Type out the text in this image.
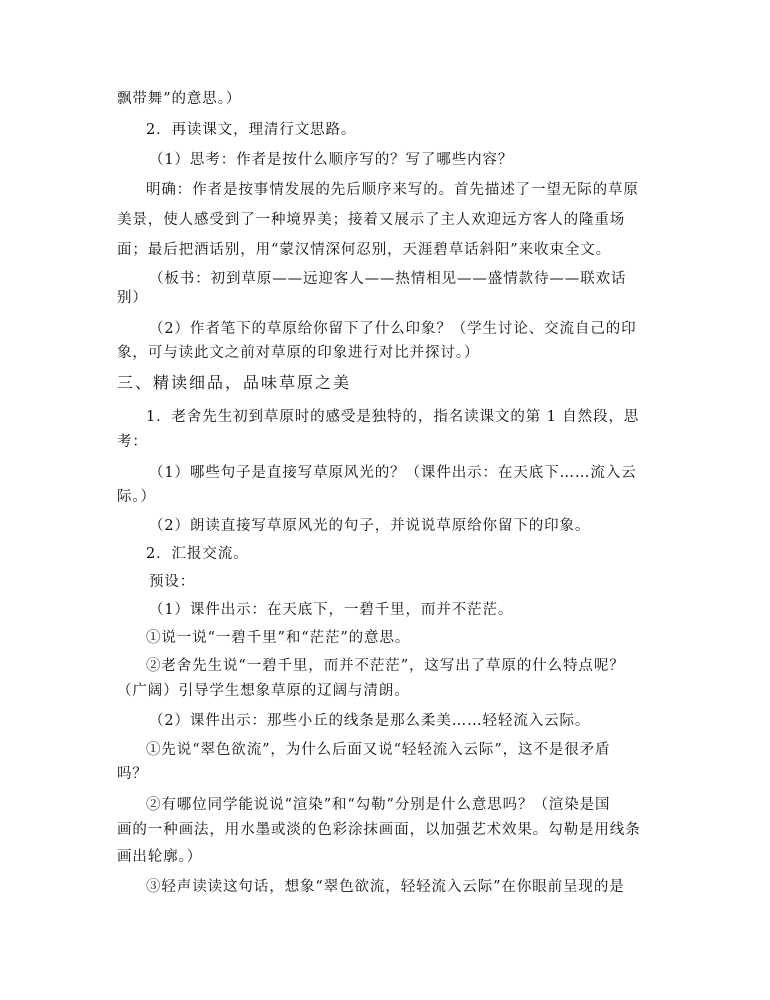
飘带舞”的意思。）
2．再读课文，理清行文思路。
（1）思考：作者是按什么顺序写的？写了哪些内容？
明确：作者是按事情发展的先后顺序来写的。首先描述了一望无际的草原
美景，使人感受到了一种境界美；接着又展示了主人欢迎远方客人的隆重场
面；最后把酒话别，用“蒙汉情深何忍别，天涯碧草话斜阳”来收束全文。
（板书：初到草原——远迎客人——热情相见——盛情款待——联欢话
别）
（2）作者笔下的草原给你留下了什么印象？（学生讨论、交流自己的印
象，可与读此文之前对草原的印象进行对比并探讨。）
三、精读细品，品味草原之美
1．老舍先生初到草原时的感受是独特的，指名读课文的第 1 自然段，思
考：
（1）哪些句子是直接写草原风光的？（课件出示：在天底下……流入云
际。）
（2）朗读直接写草原风光的句子，并说说草原给你留下的印象。
2．汇报交流。
预设：
（1）课件出示：在天底下，一碧千里，而并不茫茫。
①说一说“一碧千里”和“茫茫”的意思。
②老舍先生说“一碧千里，而并不茫茫”，这写出了草原的什么特点呢？
（广阔）引导学生想象草原的辽阔与清朗。
（2）课件出示：那些小丘的线条是那么柔美……轻轻流入云际。
①先说“翠色欲流”，为什么后面又说“轻轻流入云际”，这不是很矛盾
吗？
②有哪位同学能说说“渲染”和“勾勒”分别是什么意思吗？（渲染是国
画的一种画法，用水墨或淡的色彩涂抹画面，以加强艺术效果。勾勒是用线条
画出轮廓。）
③轻声读读这句话，想象“翠色欲流，轻轻流入云际”在你眼前呈现的是
